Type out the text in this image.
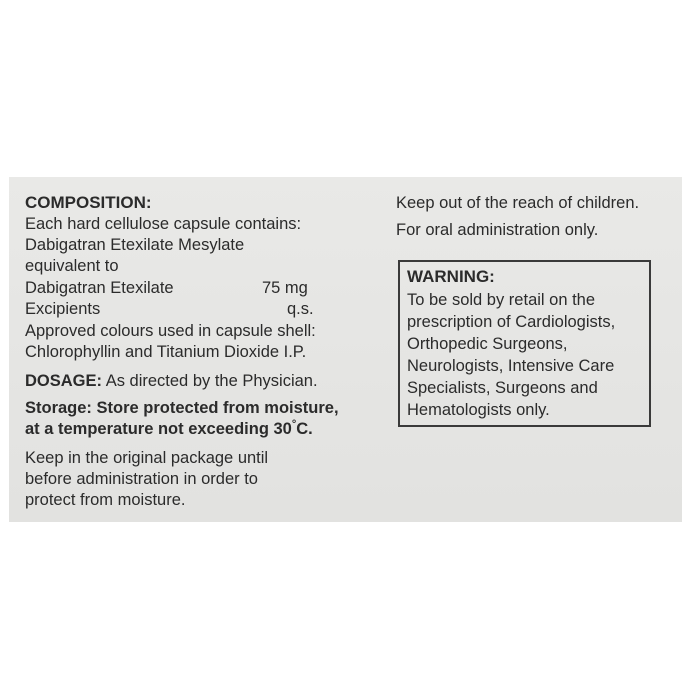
COMPOSITION:
Each hard cellulose capsule contains:
Dabigatran Etexilate Mesylate
equivalent to
Dabigatran Etexilate	75 mg
Excipients	q.s.
Approved colours used in capsule shell:
Chlorophyllin and Titanium Dioxide I.P.
DOSAGE: As directed by the Physician.
Storage: Store protected from moisture,
at a temperature not exceeding 30°C.
Keep in the original package until
before administration in order to
protect from moisture.
Keep out of the reach of children.
For oral administration only.
WARNING:
To be sold by retail on the
prescription of Cardiologists,
Orthopedic Surgeons,
Neurologists, Intensive Care
Specialists, Surgeons and
Hematologists only.
